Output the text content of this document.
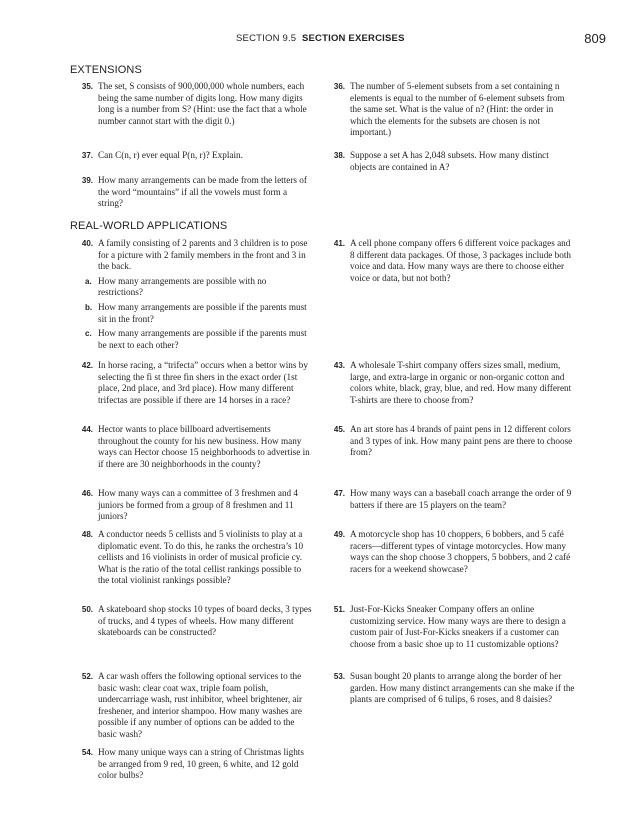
SECTION 9.5 SECTION EXERCISES	809
EXTENSIONS
35. The set, S consists of 900,000,000 whole numbers, each being the same number of digits long. How many digits long is a number from S? (Hint: use the fact that a whole number cannot start with the digit 0.)
36. The number of 5-element subsets from a set containing n elements is equal to the number of 6-element subsets from the same set. What is the value of n? (Hint: the order in which the elements for the subsets are chosen is not important.)
37. Can C(n, r) ever equal P(n, r)? Explain.	38. Suppose a set A has 2,048 subsets. How many distinct objects are contained in A?
39. How many arrangements can be made from the letters of the word “mountains” if all the vowels must form a string?
REAL-WORLD APPLICATIONS
40. A family consisting of 2 parents and 3 children is to pose for a picture with 2 family members in the front and 3 in the back.
a. How many arrangements are possible with no restrictions?
b. How many arrangements are possible if the parents must sit in the front?
c. How many arrangements are possible if the parents must be next to each other?
41. A cell phone company offers 6 different voice packages and 8 different data packages. Of those, 3 packages include both voice and data. How many ways are there to choose either voice or data, but not both?
42. In horse racing, a “trifecta” occurs when a bettor wins by selecting the fi st three fin shers in the exact order (1st place, 2nd place, and 3rd place). How many different trifectas are possible if there are 14 horses in a race?
43. A wholesale T-shirt company offers sizes small, medium, large, and extra-large in organic or non-organic cotton and colors white, black, gray, blue, and red. How many different T-shirts are there to choose from?
44. Hector wants to place billboard advertisements throughout the county for his new business. How many ways can Hector choose 15 neighborhoods to advertise in if there are 30 neighborhoods in the county?
45. An art store has 4 brands of paint pens in 12 different colors and 3 types of ink. How many paint pens are there to choose from?
46. How many ways can a committee of 3 freshmen and 4 juniors be formed from a group of 8 freshmen and 11 juniors?
47. How many ways can a baseball coach arrange the order of 9 batters if there are 15 players on the team?
48. A conductor needs 5 cellists and 5 violinists to play at a diplomatic event. To do this, he ranks the orchestra’s 10 cellists and 16 violinists in order of musical proficie cy. What is the ratio of the total cellist rankings possible to the total violinist rankings possible?
49. A motorcycle shop has 10 choppers, 6 bobbers, and 5 café racers—different types of vintage motorcycles. How many ways can the shop choose 3 choppers, 5 bobbers, and 2 café racers for a weekend showcase?
50. A skateboard shop stocks 10 types of board decks, 3 types of trucks, and 4 types of wheels. How many different skateboards can be constructed?
51. Just-For-Kicks Sneaker Company offers an online customizing service. How many ways are there to design a custom pair of Just-For-Kicks sneakers if a customer can choose from a basic shoe up to 11 customizable options?
52. A car wash offers the following optional services to the basic wash: clear coat wax, triple foam polish, undercarriage wash, rust inhibitor, wheel brightener, air freshener, and interior shampoo. How many washes are possible if any number of options can be added to the basic wash?
53. Susan bought 20 plants to arrange along the border of her garden. How many distinct arrangements can she make if the plants are comprised of 6 tulips, 6 roses, and 8 daisies?
54. How many unique ways can a string of Christmas lights be arranged from 9 red, 10 green, 6 white, and 12 gold color bulbs?
